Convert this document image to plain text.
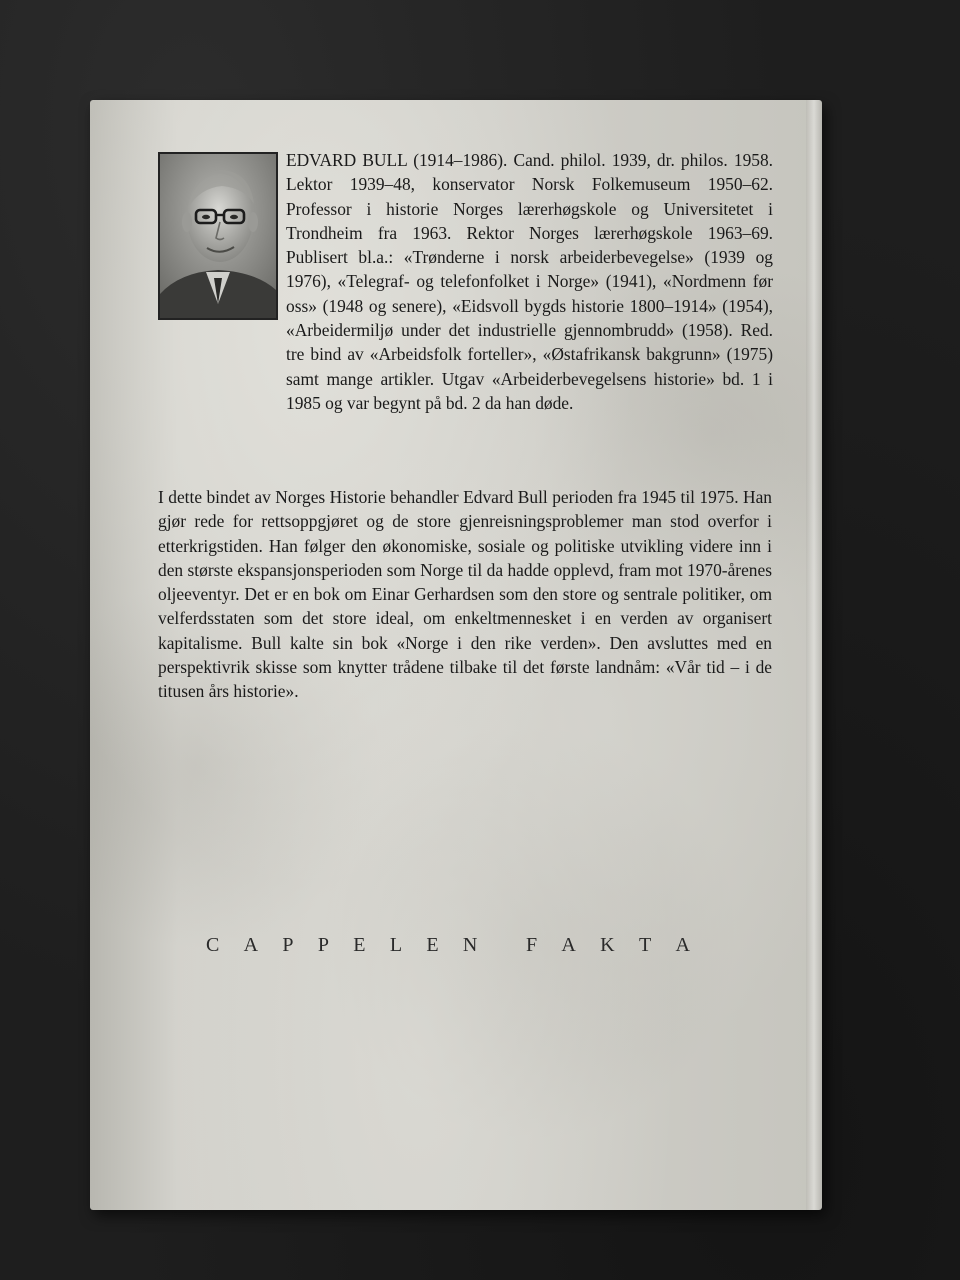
EDVARD BULL (1914–1986). Cand. philol. 1939, dr. philos. 1958. Lektor 1939–48, konservator Norsk Folkemuseum 1950–62. Professor i historie Norges lærerhøgskole og Universitetet i Trondheim fra 1963. Rektor Norges lærerhøgskole 1963–69. Publisert bl.a.: «Trønderne i norsk arbeiderbevegelse» (1939 og 1976), «Telegraf- og telefonfolket i Norge» (1941), «Nordmenn før oss» (1948 og senere), «Eidsvoll bygds historie 1800–1914» (1954), «Arbeidermiljø under det industrielle gjennombrudd» (1958). Red. tre bind av «Arbeidsfolk forteller», «Østafrikansk bakgrunn» (1975) samt mange artikler. Utgav «Arbeiderbevegelsens historie» bd. 1 i 1985 og var begynt på bd. 2 da han døde.

I dette bindet av Norges Historie behandler Edvard Bull perioden fra 1945 til 1975. Han gjør rede for rettsoppgjøret og de store gjenreisningsproblemer man stod overfor i etterkrigstiden. Han følger den økonomiske, sosiale og politiske utvikling videre inn i den største ekspansjonsperioden som Norge til da hadde opplevd, fram mot 1970-årenes oljeeventyr. Det er en bok om Einar Gerhardsen som den store og sentrale politiker, om velferdsstaten som det store ideal, om enkeltmennesket i en verden av organisert kapitalisme. Bull kalte sin bok «Norge i den rike verden». Den avsluttes med en perspektivrik skisse som knytter trådene tilbake til det første landnåm: «Vår tid – i de titusen års historie».

C A P P E L E N F A K T A
